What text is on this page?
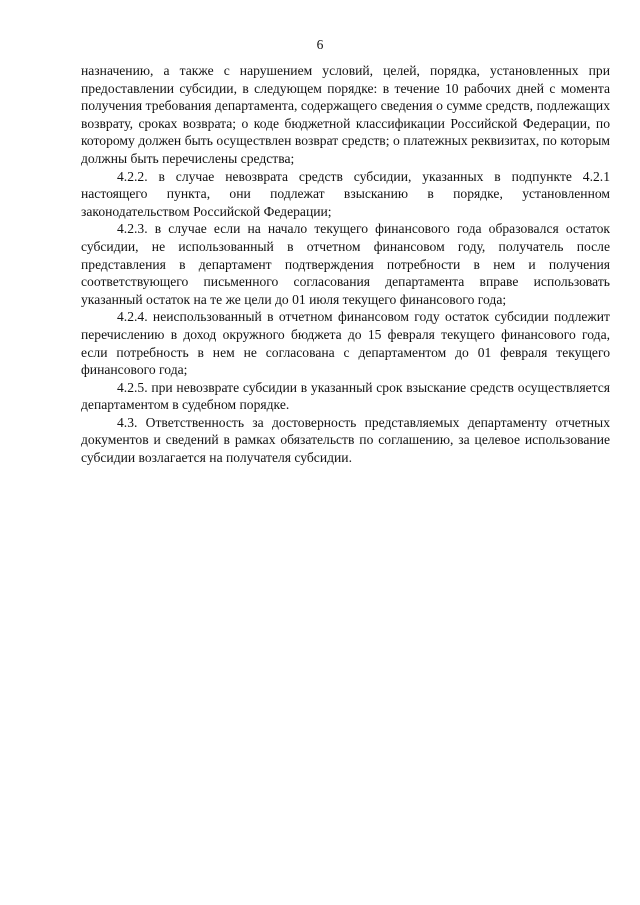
6

назначению, а также с нарушением условий, целей, порядка, установленных при предоставлении субсидии, в следующем порядке: в течение 10 рабочих дней с момента получения требования департамента, содержащего сведения о сумме средств, подлежащих возврату, сроках возврата; о коде бюджетной классификации Российской Федерации, по которому должен быть осуществлен возврат средств; о платежных реквизитах, по которым должны быть перечислены средства;

4.2.2. в случае невозврата средств субсидии, указанных в подпункте 4.2.1 настоящего пункта, они подлежат взысканию в порядке, установленном законодательством Российской Федерации;

4.2.3. в случае если на начало текущего финансового года образовался остаток субсидии, не использованный в отчетном финансовом году, получатель после представления в департамент подтверждения потребности в нем и получения соответствующего письменного согласования департамента вправе использовать указанный остаток на те же цели до 01 июля текущего финансового года;

4.2.4. неиспользованный в отчетном финансовом году остаток субсидии подлежит перечислению в доход окружного бюджета до 15 февраля текущего финансового года, если потребность в нем не согласована с департаментом до 01 февраля текущего финансового года;

4.2.5. при невозврате субсидии в указанный срок взыскание средств осуществляется департаментом в судебном порядке.

4.3. Ответственность за достоверность представляемых департаменту отчетных документов и сведений в рамках обязательств по соглашению, за целевое использование субсидии возлагается на получателя субсидии.
